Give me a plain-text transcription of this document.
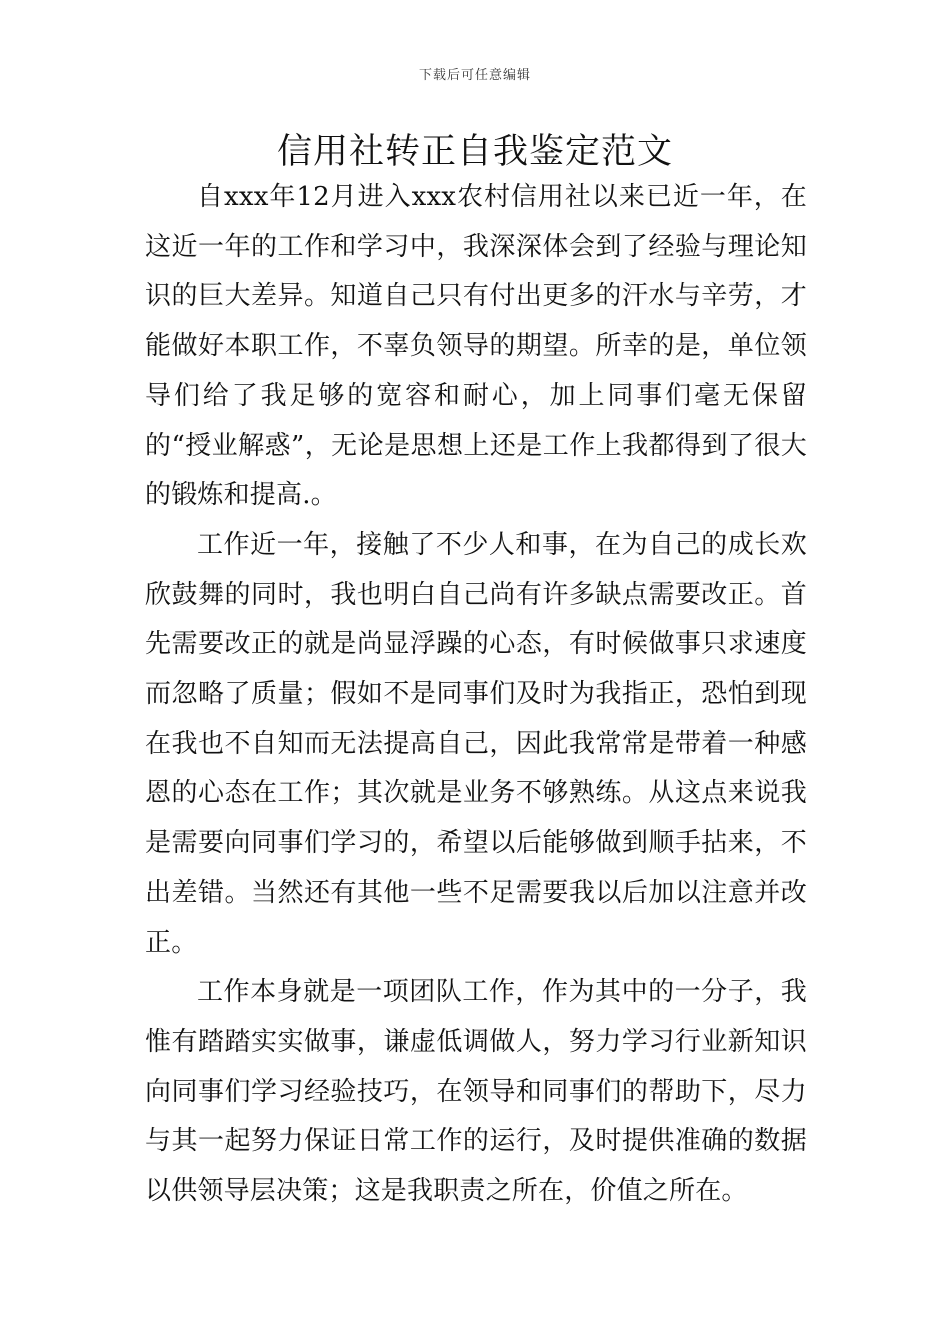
下载后可任意编辑
信用社转正自我鉴定范文

自xxx年12月进入xxx农村信用社以来已近一年，在这近一年的工作和学习中，我深深体会到了经验与理论知识的巨大差异。知道自己只有付出更多的汗水与辛劳，才能做好本职工作，不辜负领导的期望。所幸的是，单位领导们给了我足够的宽容和耐心，加上同事们毫无保留的“授业解惑”，无论是思想上还是工作上我都得到了很大的锻炼和提高.。

工作近一年，接触了不少人和事，在为自己的成长欢欣鼓舞的同时，我也明白自己尚有许多缺点需要改正。首先需要改正的就是尚显浮躁的心态，有时候做事只求速度而忽略了质量；假如不是同事们及时为我指正，恐怕到现在我也不自知而无法提高自己，因此我常常是带着一种感恩的心态在工作；其次就是业务不够熟练。从这点来说我是需要向同事们学习的，希望以后能够做到顺手拈来，不出差错。当然还有其他一些不足需要我以后加以注意并改正。

工作本身就是一项团队工作，作为其中的一分子，我惟有踏踏实实做事，谦虚低调做人，努力学习行业新知识向同事们学习经验技巧，在领导和同事们的帮助下，尽力与其一起努力保证日常工作的运行，及时提供准确的数据以供领导层决策；这是我职责之所在，价值之所在。
